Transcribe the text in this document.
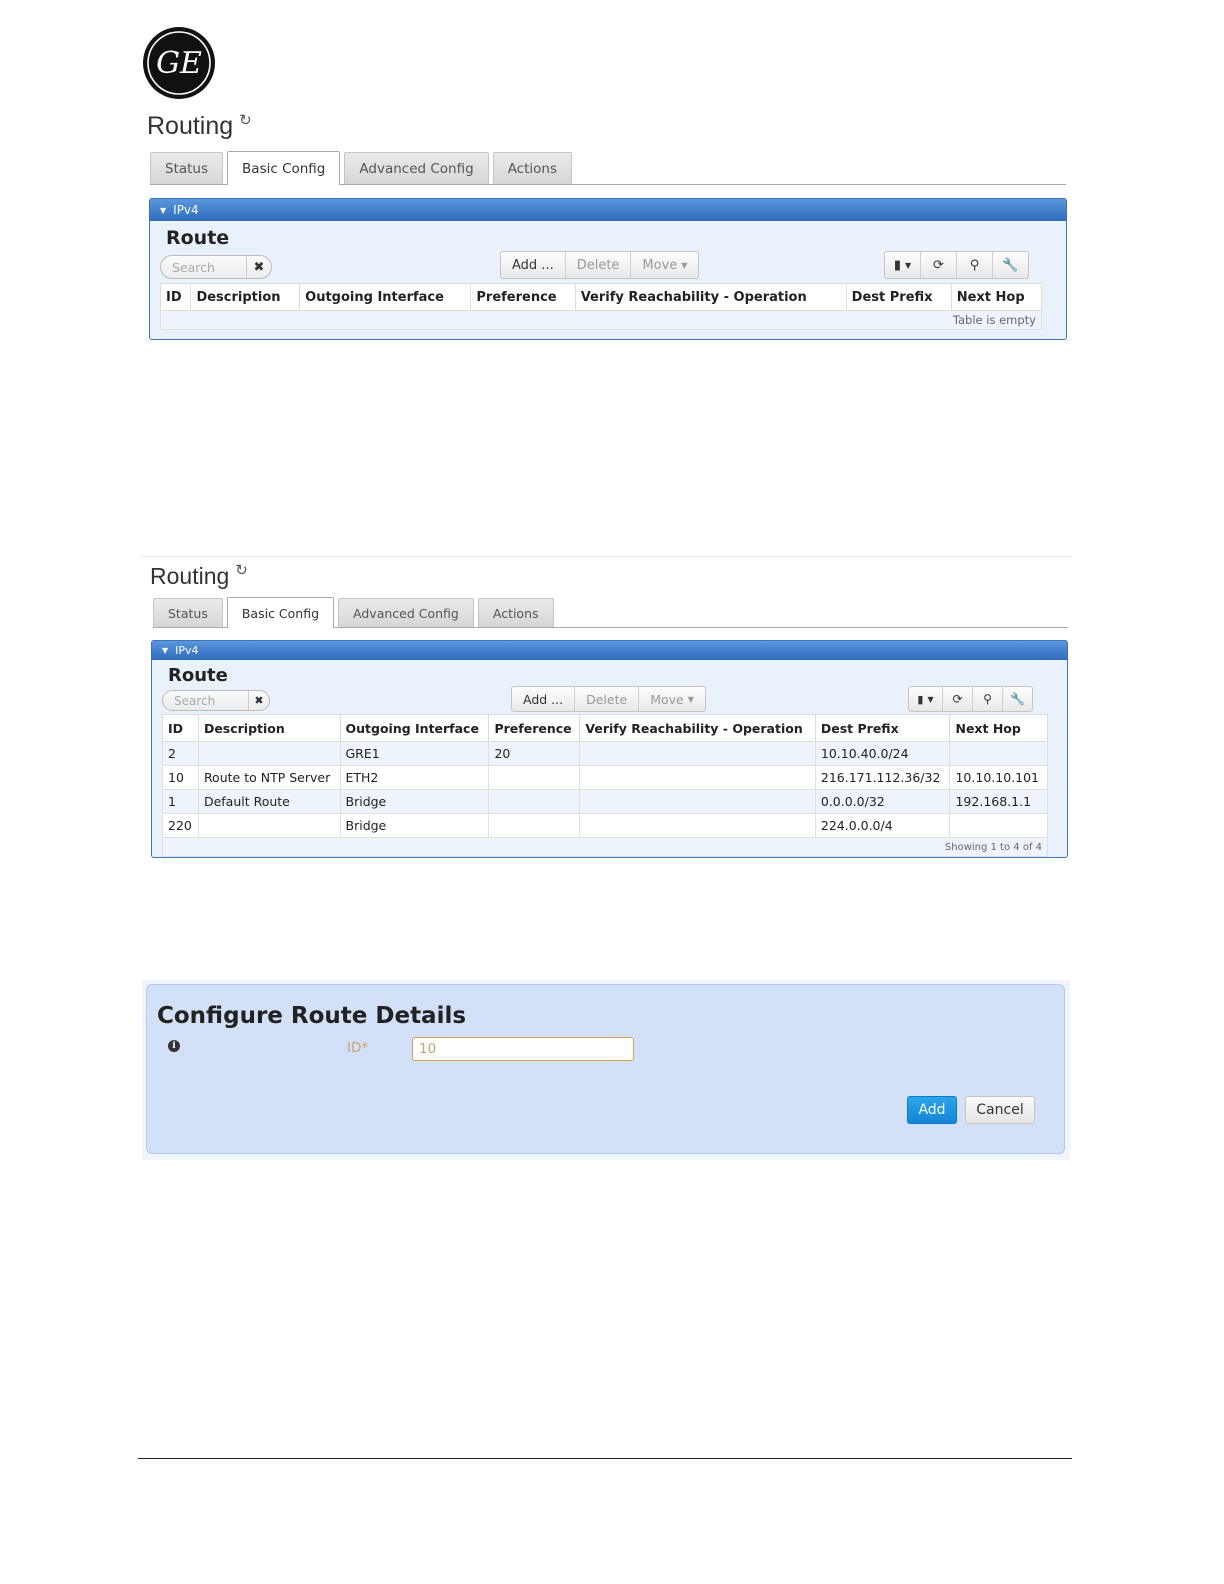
GE
Routing ↻
Status	Basic Config	Advanced Config	Actions
▼ IPv4
Route
Search	✖	Add ...	Delete	Move ▼	▮ ▼	⟳	⚲	🔧
ID	Description	Outgoing Interface	Preference	Verify Reachability - Operation	Dest Prefix	Next Hop
Table is empty
Routing ↻
Status	Basic Config	Advanced Config	Actions
▼ IPv4
Route
Search	✖	Add ...	Delete	Move ▼	▮ ▼	⟳	⚲	🔧
ID	Description	Outgoing Interface	Preference	Verify Reachability - Operation	Dest Prefix	Next Hop
2		GRE1	20		10.10.40.0/24	
10	Route to NTP Server	ETH2			216.171.112.36/32	10.10.10.101
1	Default Route	Bridge			0.0.0.0/32	192.168.1.1
220		Bridge			224.0.0.0/4	
Showing 1 to 4 of 4						
Configure Route Details
i	ID*
10
Add	Cancel
